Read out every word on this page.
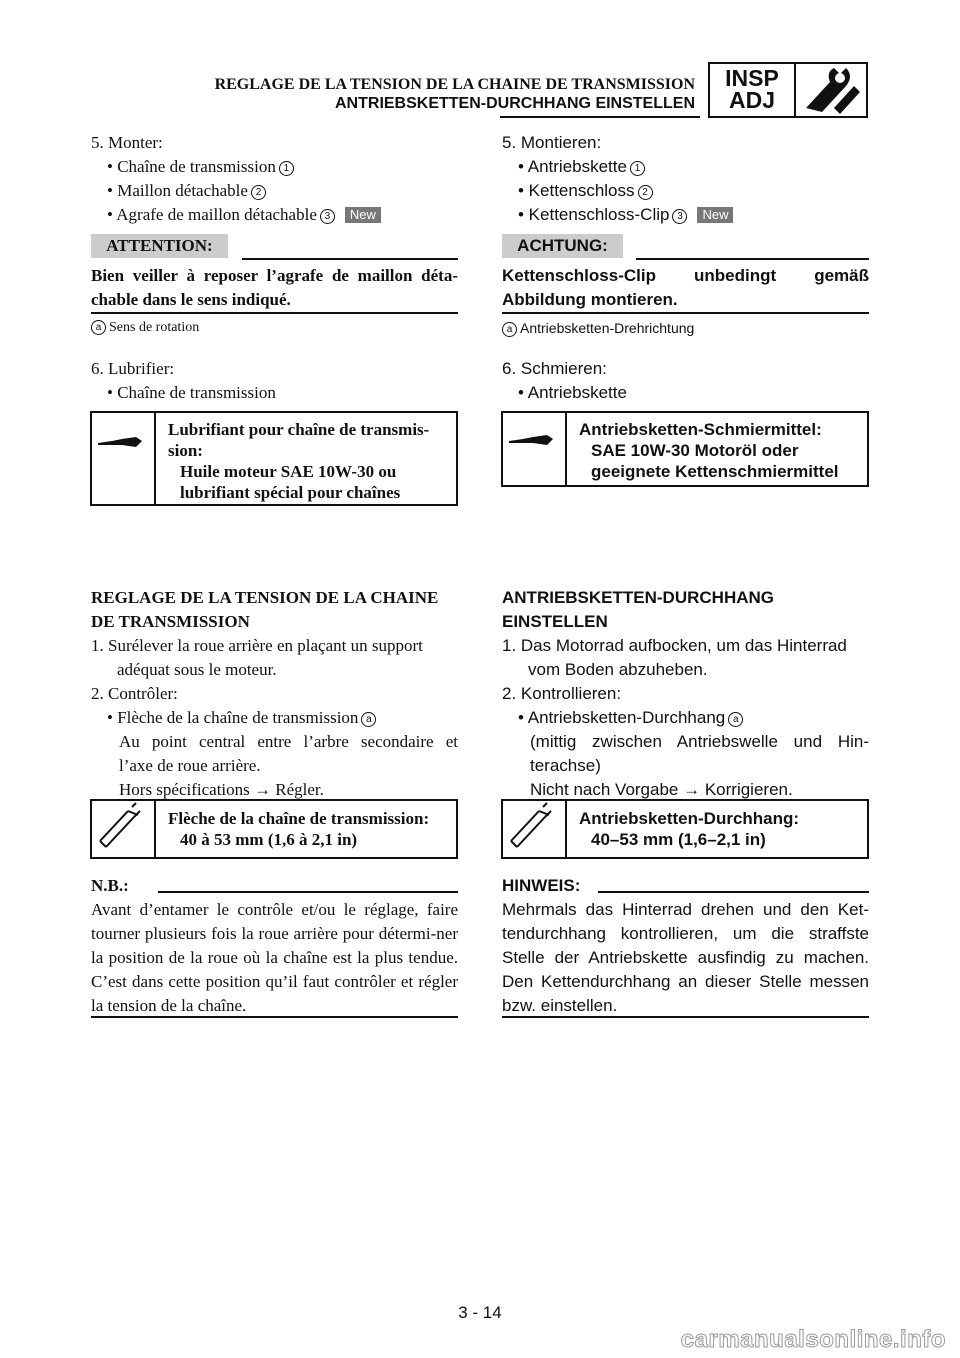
REGLAGE DE LA TENSION DE LA CHAINE DE TRANSMISSION
ANTRIEBSKETTEN-DURCHHANG EINSTELLEN
INSP
ADJ
5. Monter:
• Chaîne de transmission 1
• Maillon détachable 2
• Agrafe de maillon détachable 3 New
ATTENTION:
Bien veiller à reposer l’agrafe de maillon déta-chable dans le sens indiqué.
a Sens de rotation
6. Lubrifier:
• Chaîne de transmission
Lubrifiant pour chaîne de transmis-
sion:
Huile moteur SAE 10W-30 ou
lubrifiant spécial pour chaînes
REGLAGE DE LA TENSION DE LA CHAINE
DE TRANSMISSION
1. Surélever la roue arrière en plaçant un support
adéquat sous le moteur.
2. Contrôler:
• Flèche de la chaîne de transmission a
Au point central entre l’arbre secondaire et
l’axe de roue arrière.
Hors spécifications → Régler.
Flèche de la chaîne de transmission:
40 à 53 mm (1,6 à 2,1 in)
N.B.:
Avant d’entamer le contrôle et/ou le réglage, faire tourner plusieurs fois la roue arrière pour détermi-ner la position de la roue où la chaîne est la plus tendue. C’est dans cette position qu’il faut contrôler et régler la tension de la chaîne.
5. Montieren:
• Antriebskette 1
• Kettenschloss 2
• Kettenschloss-Clip 3 New
ACHTUNG:
Kettenschloss-Clip unbedingt gemäß
Abbildung montieren.
a Antriebsketten-Drehrichtung
6. Schmieren:
• Antriebskette
Antriebsketten-Schmiermittel:
SAE 10W-30 Motoröl oder
geeignete Kettenschmiermittel
ANTRIEBSKETTEN-DURCHHANG
EINSTELLEN
1. Das Motorrad aufbocken, um das Hinterrad
vom Boden abzuheben.
2. Kontrollieren:
• Antriebsketten-Durchhang a
(mittig zwischen Antriebswelle und Hin-
terachse)
Nicht nach Vorgabe → Korrigieren.
Antriebsketten-Durchhang:
40–53 mm (1,6–2,1 in)
HINWEIS:
Mehrmals das Hinterrad drehen und den Ket-tendurchhang kontrollieren, um die straffste Stelle der Antriebskette ausfindig zu machen. Den Kettendurchhang an dieser Stelle messen bzw. einstellen.
3 - 14
carmanualsonline.info
